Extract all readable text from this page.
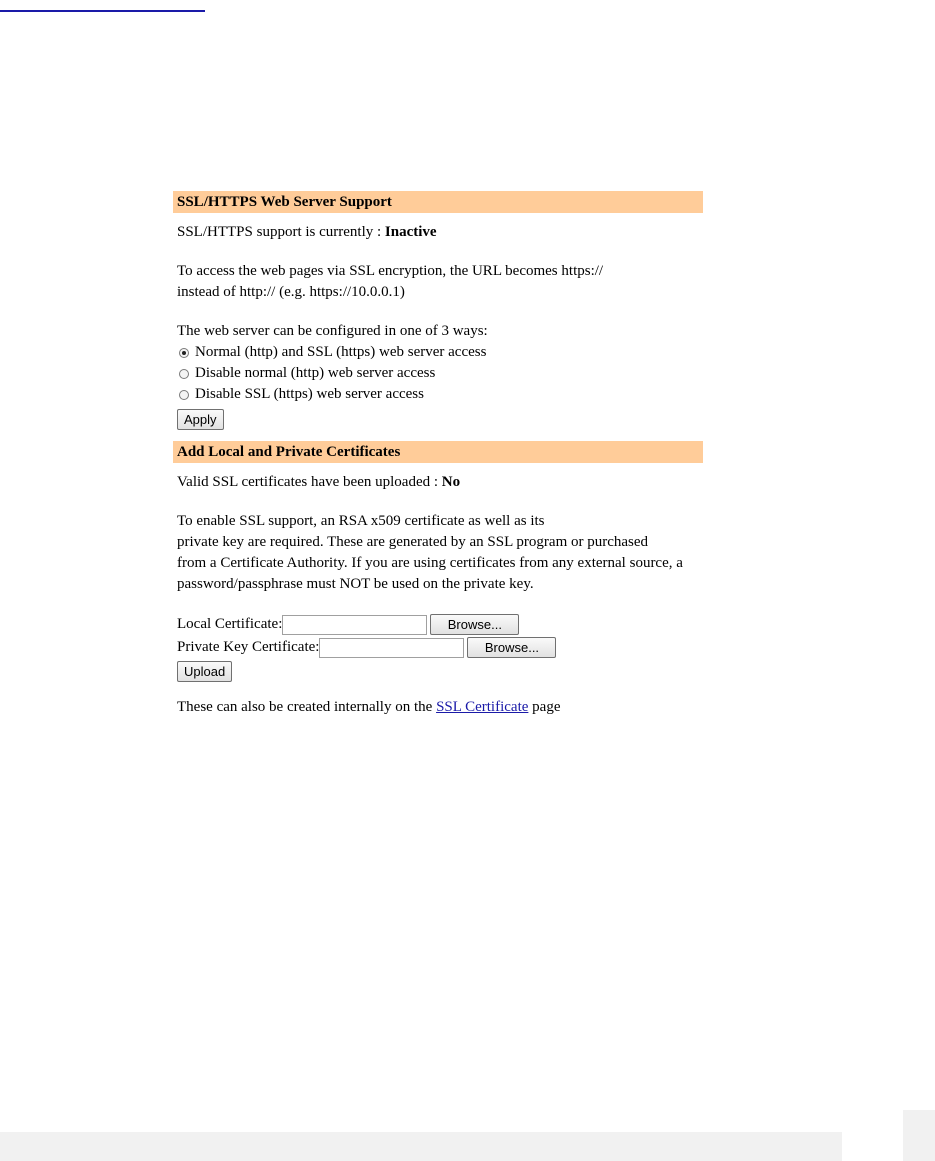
SSL/HTTPS Web Server Support

SSL/HTTPS support is currently : Inactive

To access the web pages via SSL encryption, the URL becomes https://
instead of http:// (e.g. https://10.0.0.1)

The web server can be configured in one of 3 ways:

Normal (http) and SSL (https) web server access
Disable normal (http) web server access
Disable SSL (https) web server access
Apply
Add Local and Private Certificates

Valid SSL certificates have been uploaded : No

To enable SSL support, an RSA x509 certificate as well as its
private key are required. These are generated by an SSL program or purchased
from a Certificate Authority. If you are using certificates from any external source, a
password/passphrase must NOT be used on the private key.

Local Certificate:	Browse...
Private Key Certificate:	Browse...
Upload

These can also be created internally on the SSL Certificate page
